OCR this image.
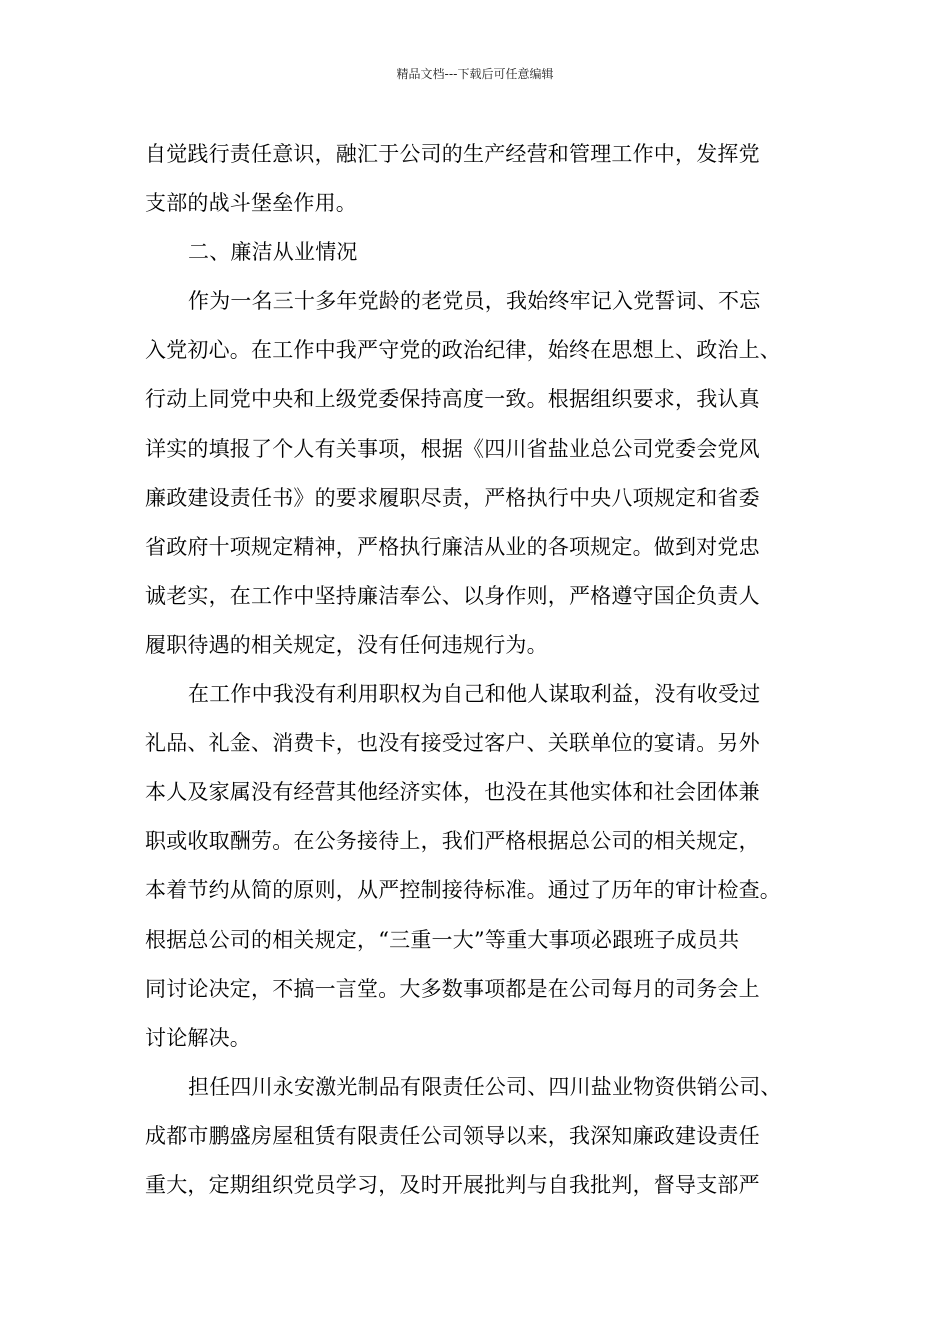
精品文档---下载后可任意编辑
自觉践行责任意识，融汇于公司的生产经营和管理工作中，发挥党
支部的战斗堡垒作用。
二、廉洁从业情况
作为一名三十多年党龄的老党员，我始终牢记入党誓词、不忘
入党初心。在工作中我严守党的政治纪律，始终在思想上、政治上、
行动上同党中央和上级党委保持高度一致。根据组织要求，我认真
详实的填报了个人有关事项，根据《四川省盐业总公司党委会党风
廉政建设责任书》的要求履职尽责，严格执行中央八项规定和省委
省政府十项规定精神，严格执行廉洁从业的各项规定。做到对党忠
诚老实，在工作中坚持廉洁奉公、以身作则，严格遵守国企负责人
履职待遇的相关规定，没有任何违规行为。
在工作中我没有利用职权为自己和他人谋取利益，没有收受过
礼品、礼金、消费卡，也没有接受过客户、关联单位的宴请。另外
本人及家属没有经营其他经济实体，也没在其他实体和社会团体兼
职或收取酬劳。在公务接待上，我们严格根据总公司的相关规定，
本着节约从简的原则，从严控制接待标准。通过了历年的审计检查。
根据总公司的相关规定，“三重一大”等重大事项必跟班子成员共
同讨论决定，不搞一言堂。大多数事项都是在公司每月的司务会上
讨论解决。
担任四川永安激光制品有限责任公司、四川盐业物资供销公司、
成都市鹏盛房屋租赁有限责任公司领导以来，我深知廉政建设责任
重大，定期组织党员学习，及时开展批判与自我批判，督导支部严
